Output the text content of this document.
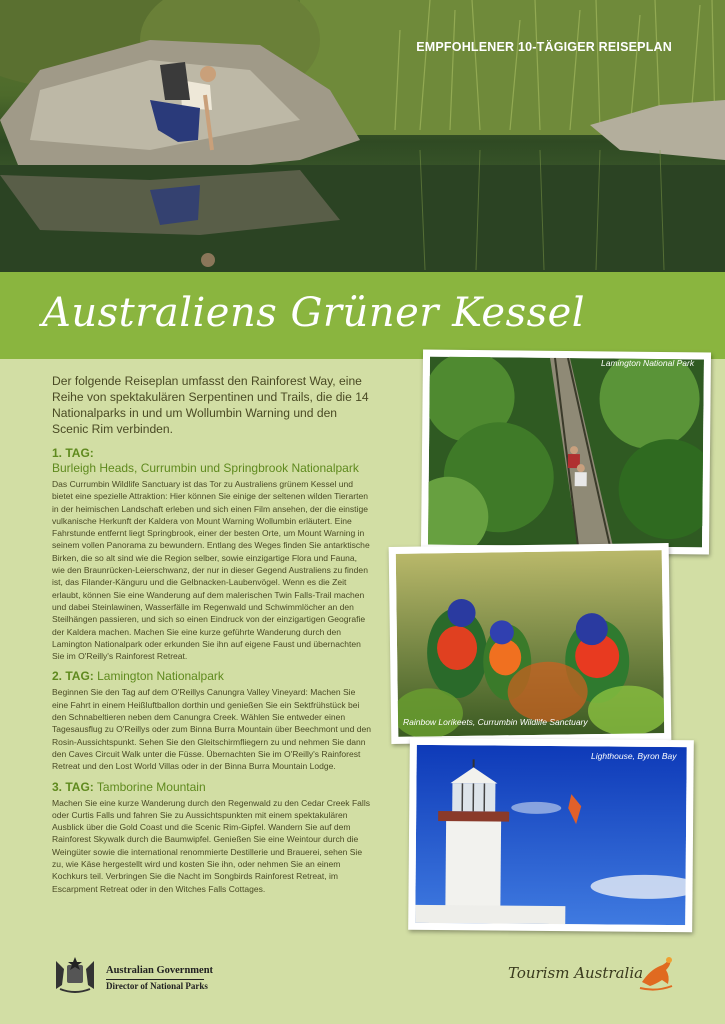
EMPFOHLENER 10-TÄGIGER REISEPLAN
Australiens Grüner Kessel

Der folgende Reiseplan umfasst den Rainforest Way, eine Reihe von spektakulären Serpentinen und Trails, die die 14 Nationalparks in und um Wollumbin Warning und den Scenic Rim verbinden.

1. TAG:

Burleigh Heads, Currumbin und Springbrook Nationalpark

Das Currumbin Wildlife Sanctuary ist das Tor zu Australiens grünem Kessel und bietet eine spezielle Attraktion: Hier können Sie einige der seltenen wilden Tierarten in der heimischen Landschaft erleben und sich einen Film ansehen, der die einstige vulkanische Herkunft der Kaldera von Mount Warning Wollumbin erläutert. Eine Fahrstunde entfernt liegt Springbrook, einer der besten Orte, um Mount Warning in seinem vollen Panorama zu bewundern. Entlang des Weges finden Sie antarktische Birken, die so alt sind wie die Region selber, sowie einzigartige Flora und Fauna, wie den Braunrücken-Leierschwanz, der nur in dieser Gegend Australiens zu finden ist, das Filander-Känguru und die Gelbnacken-Laubenvögel. Wenn es die Zeit erlaubt, können Sie eine Wanderung auf dem malerischen Twin Falls-Trail machen und dabei Steinlawinen, Wasserfälle im Regenwald und Schwimmlöcher an den Steilhängen passieren, und sich so einen Eindruck von der einzigartigen Geografie der Kaldera machen. Machen Sie eine kurze geführte Wanderung durch den Lamington Nationalpark oder erkunden Sie ihn auf eigene Faust und übernachten Sie im O'Reilly's Rainforest Retreat.

2. TAG: Lamington Nationalpark

Beginnen Sie den Tag auf dem O'Reillys Canungra Valley Vineyard: Machen Sie eine Fahrt in einem Heißluftballon dorthin und genießen Sie ein Sektfrühstück bei den Schnabeltieren neben dem Canungra Creek. Wählen Sie entweder einen Tagesausflug zu O'Reillys oder zum Binna Burra Mountain über Beechmont und den Rosin-Aussichtspunkt. Sehen Sie den Gleitschirmfliegern zu und nehmen Sie dann den Caves Circuit Walk unter die Füsse. Übernachten Sie im O'Reilly's Rainforest Retreat und den Lost World Villas oder in der Binna Burra Mountain Lodge.

3. TAG: Tamborine Mountain

Machen Sie eine kurze Wanderung durch den Regenwald zu den Cedar Creek Falls oder Curtis Falls und fahren Sie zu Aussichtspunkten mit einem spektakulären Ausblick über die Gold Coast und die Scenic Rim-Gipfel. Wandern Sie auf dem Rainforest Skywalk durch die Baumwipfel. Genießen Sie eine Weintour durch die Weingüter sowie die international renommierte Destillerie und Brauerei, sehen Sie zu, wie Käse hergestellt wird und kosten Sie ihn, oder nehmen Sie an einem Kochkurs teil. Verbringen Sie die Nacht im Songbirds Rainforest Retreat, im Escarpment Retreat oder in den Witches Falls Cottages.

Lamington National Park
Rainbow Lorikeets, Currumbin Wildlife Sanctuary
Lighthouse, Byron Bay
Australian Government
Director of National Parks
Tourism Australia
